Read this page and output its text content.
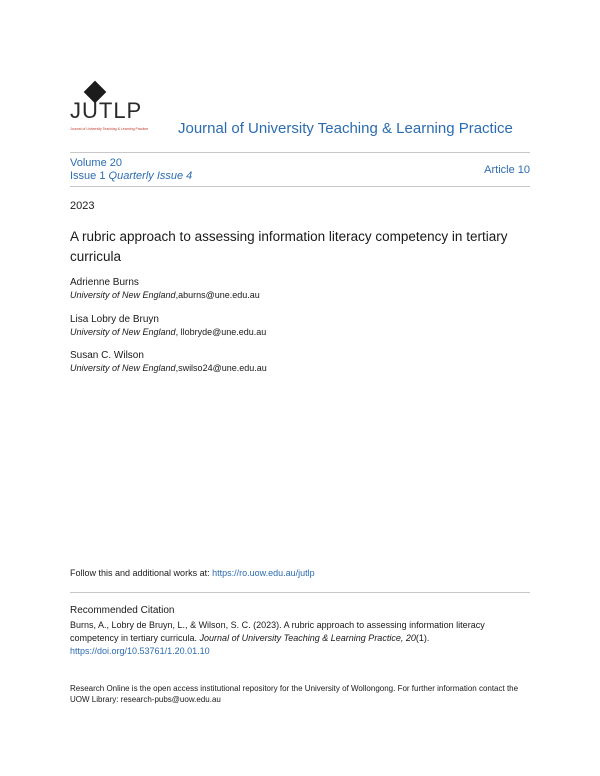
JUTLP
Journal of University Teaching & Learning Practice Journal of University Teaching & Learning Practice
Volume 20
Issue 1 Quarterly Issue 4	Article 10
2023
A rubric approach to assessing information literacy competency in tertiary curricula
Adrienne Burns
University of New England,aburns@une.edu.au
Lisa Lobry de Bruyn
University of New England, llobryde@une.edu.au
Susan C. Wilson
University of New England,swilso24@une.edu.au
Follow this and additional works at: https://ro.uow.edu.au/jutlp
Recommended Citation
Burns, A., Lobry de Bruyn, L., & Wilson, S. C. (2023). A rubric approach to assessing information literacy competency in tertiary curricula. Journal of University Teaching & Learning Practice, 20(1).
https://doi.org/10.53761/1.20.01.10
Research Online is the open access institutional repository for the University of Wollongong. For further information contact the UOW Library: research-pubs@uow.edu.au
